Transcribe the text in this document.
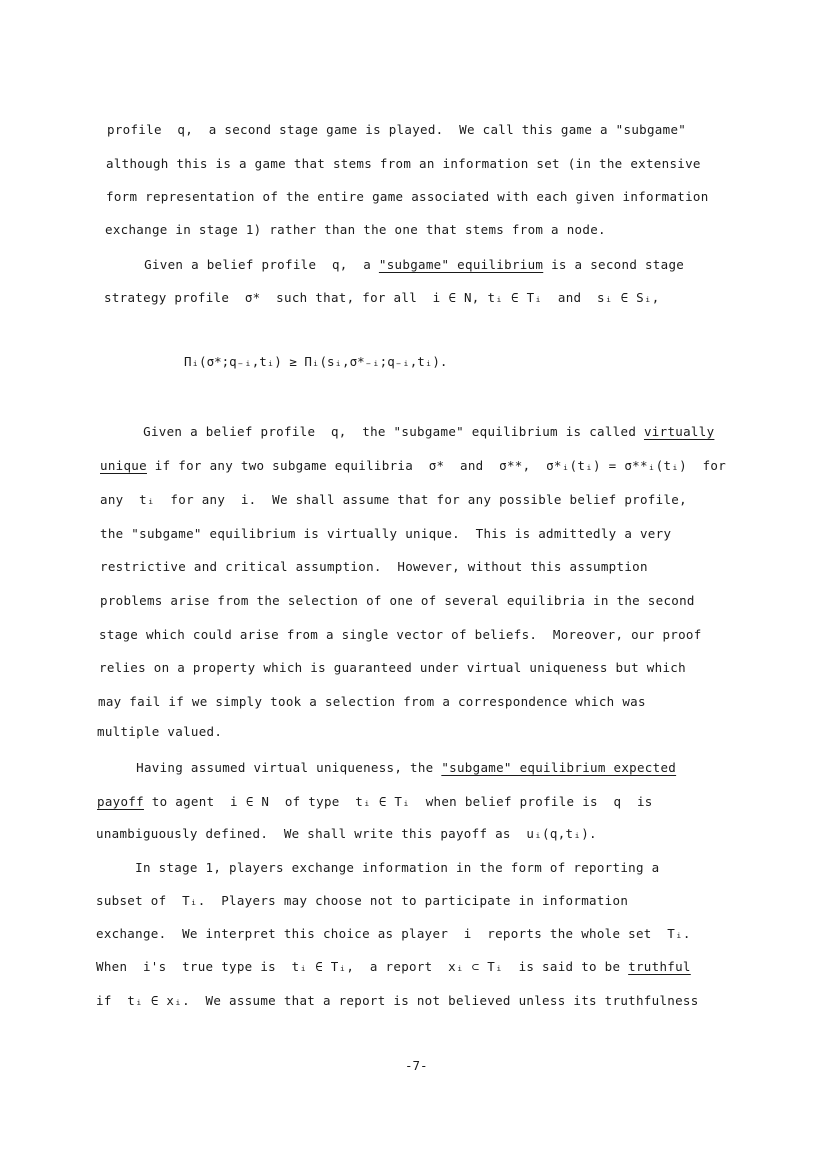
profile  q,  a second stage game is played.  We call this game a "subgame"
although this is a game that stems from an information set (in the extensive
form representation of the entire game associated with each given information
exchange in stage 1) rather than the one that stems from a node.
Given a belief profile  q,  a "subgame" equilibrium is a second stage
strategy profile  σ*  such that, for all  i ∈ N, tᵢ ∈ Tᵢ  and  sᵢ ∈ Sᵢ,
Πᵢ(σ*;q₋ᵢ,tᵢ) ≥ Πᵢ(sᵢ,σ*₋ᵢ;q₋ᵢ,tᵢ).
Given a belief profile  q,  the "subgame" equilibrium is called virtually
unique if for any two subgame equilibria  σ*  and  σ**,  σ*ᵢ(tᵢ) = σ**ᵢ(tᵢ)  for
any  tᵢ  for any  i.  We shall assume that for any possible belief profile,
the "subgame" equilibrium is virtually unique.  This is admittedly a very
restrictive and critical assumption.  However, without this assumption
problems arise from the selection of one of several equilibria in the second
stage which could arise from a single vector of beliefs.  Moreover, our proof
relies on a property which is guaranteed under virtual uniqueness but which
may fail if we simply took a selection from a correspondence which was
multiple valued.
Having assumed virtual uniqueness, the "subgame" equilibrium expected
payoff to agent  i ∈ N  of type  tᵢ ∈ Tᵢ  when belief profile is  q  is
unambiguously defined.  We shall write this payoff as  uᵢ(q,tᵢ).
In stage 1, players exchange information in the form of reporting a
subset of  Tᵢ.  Players may choose not to participate in information
exchange.  We interpret this choice as player  i  reports the whole set  Tᵢ.
When  i's  true type is  tᵢ ∈ Tᵢ,  a report  xᵢ ⊂ Tᵢ  is said to be truthful
if  tᵢ ∈ xᵢ.  We assume that a report is not believed unless its truthfulness
-7-
